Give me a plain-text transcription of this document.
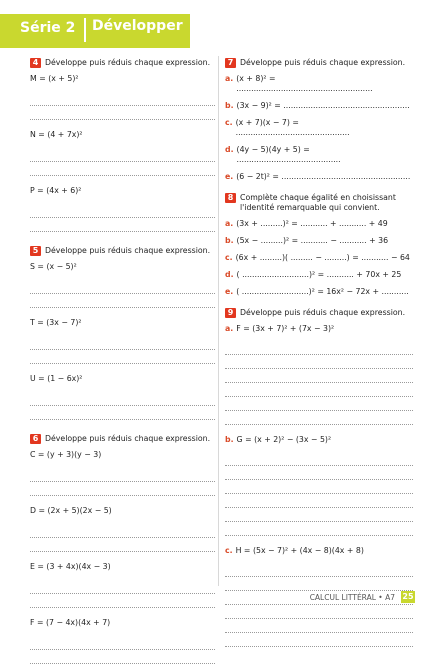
Série 2 Développer
4 Développe puis réduis chaque expression.
M = (x + 5)²
N = (4 + 7x)²
P = (4x + 6)²
5 Développe puis réduis chaque expression.
S = (x − 5)²
T = (3x − 7)²
U = (1 − 6x)²
6 Développe puis réduis chaque expression.
C = (y + 3)(y − 3)
D = (2x + 5)(2x − 5)
E = (3 + 4x)(4x − 3)
F = (7 − 4x)(4x + 7)
7 Développe puis réduis chaque expression.
a. (x + 8)² = .......................................................
b. (3x − 9)² = ...................................................
c. (x + 7)(x − 7) = ..............................................
d. (4y − 5)(4y + 5) = ..........................................
e. (6 − 2t)² = ....................................................
8 Complète chaque égalité en choisissant l'identité remarquable qui convient.
a. (3x + .........)² = ........... + ........... + 49
b. (5x − .........)² = ........... − ........... + 36
c. (6x + .........)( ......... − .........) = ........... − 64
d. ( ...........................)² = ........... + 70x + 25
e. ( ...........................)² = 16x² − 72x + ...........
9 Développe puis réduis chaque expression.
a. F = (3x + 7)² + (7x − 3)²
b. G = (x + 2)² − (3x − 5)²
c. H = (5x − 7)² + (4x − 8)(4x + 8)
CALCUL LITTÉRAL • A7 25
